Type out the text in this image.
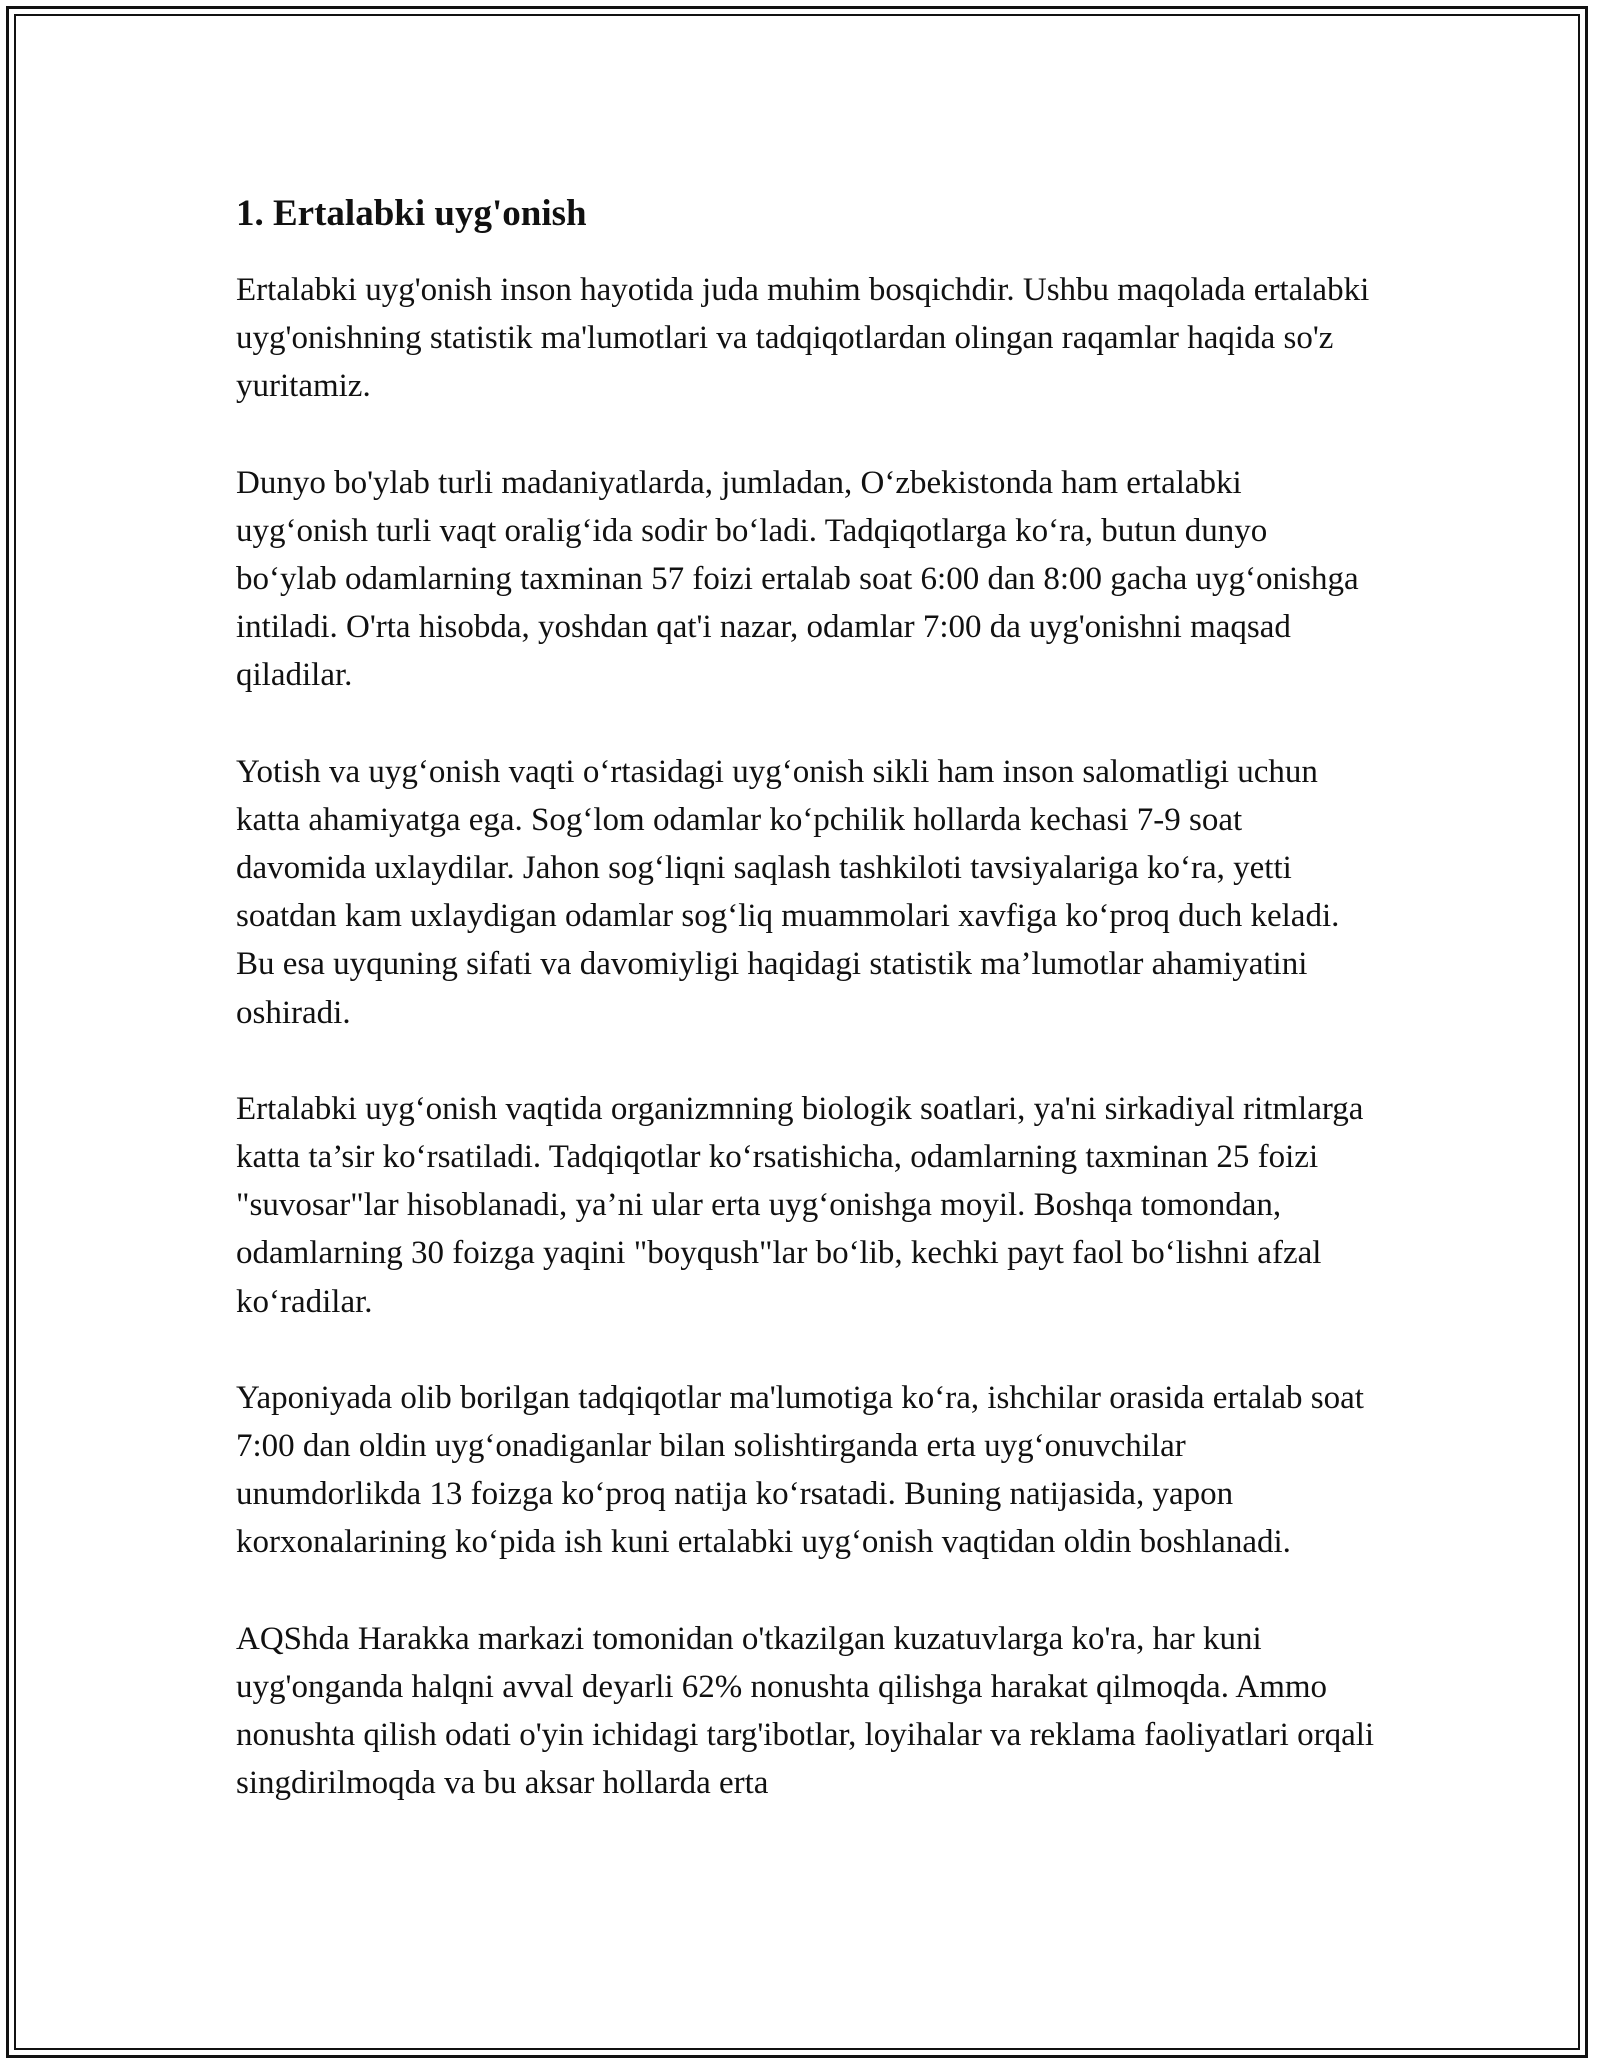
1. Ertalabki uyg'onish

Ertalabki uyg'onish inson hayotida juda muhim bosqichdir. Ushbu maqolada ertalabki uyg'onishning statistik ma'lumotlari va tadqiqotlardan olingan raqamlar haqida so'z yuritamiz.

Dunyo bo'ylab turli madaniyatlarda, jumladan, O‘zbekistonda ham ertalabki uyg‘onish turli vaqt oralig‘ida sodir bo‘ladi. Tadqiqotlarga ko‘ra, butun dunyo bo‘ylab odamlarning taxminan 57 foizi ertalab soat 6:00 dan 8:00 gacha uyg‘onishga intiladi. O'rta hisobda, yoshdan qat'i nazar, odamlar 7:00 da uyg'onishni maqsad qiladilar.

Yotish va uyg‘onish vaqti o‘rtasidagi uyg‘onish sikli ham inson salomatligi uchun katta ahamiyatga ega. Sog‘lom odamlar ko‘pchilik hollarda kechasi 7-9 soat davomida uxlaydilar. Jahon sog‘liqni saqlash tashkiloti tavsiyalariga ko‘ra, yetti soatdan kam uxlaydigan odamlar sog‘liq muammolari xavfiga ko‘proq duch keladi. Bu esa uyquning sifati va davomiyligi haqidagi statistik ma’lumotlar ahamiyatini oshiradi.

Ertalabki uyg‘onish vaqtida organizmning biologik soatlari, ya'ni sirkadiyal ritmlarga katta ta’sir ko‘rsatiladi. Tadqiqotlar ko‘rsatishicha, odamlarning taxminan 25 foizi "suvosar"lar hisoblanadi, ya’ni ular erta uyg‘onishga moyil. Boshqa tomondan, odamlarning 30 foizga yaqini "boyqush"lar bo‘lib, kechki payt faol bo‘lishni afzal ko‘radilar.

Yaponiyada olib borilgan tadqiqotlar ma'lumotiga ko‘ra, ishchilar orasida ertalab soat 7:00 dan oldin uyg‘onadiganlar bilan solishtirganda erta uyg‘onuvchilar unumdorlikda 13 foizga ko‘proq natija ko‘rsatadi. Buning natijasida, yapon korxonalarining ko‘pida ish kuni ertalabki uyg‘onish vaqtidan oldin boshlanadi.

AQShda Harakka markazi tomonidan o'tkazilgan kuzatuvlarga ko'ra, har kuni uyg'onganda halqni avval deyarli 62% nonushta qilishga harakat qilmoqda. Ammo nonushta qilish odati o'yin ichidagi targ'ibotlar, loyihalar va reklama faoliyatlari orqali singdirilmoqda va bu aksar hollarda erta
